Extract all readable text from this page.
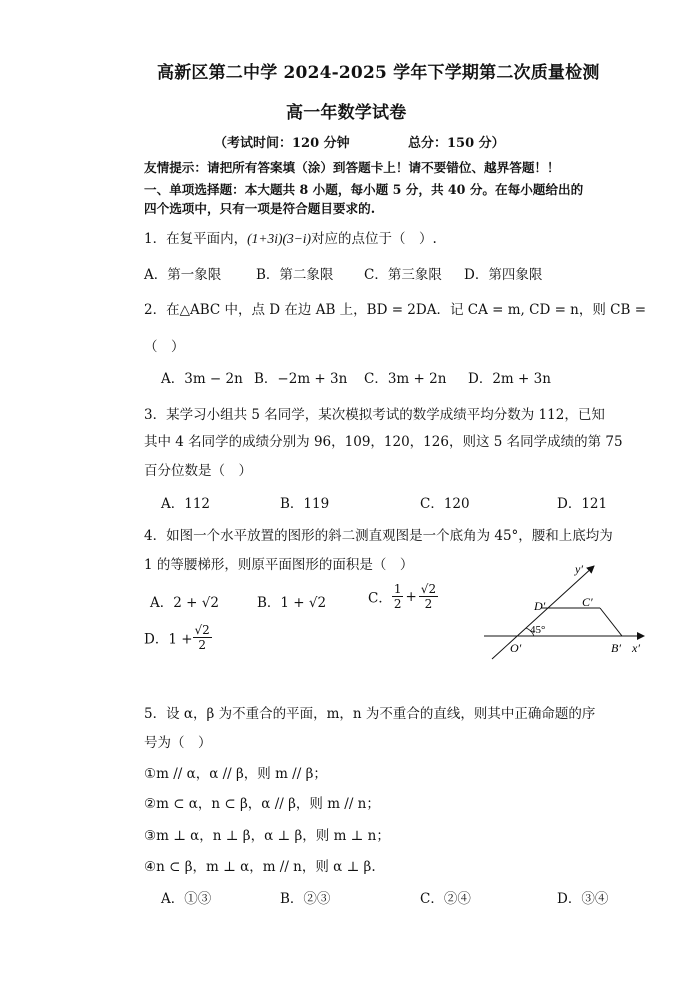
高新区第二中学 2024-2025 学年下学期第二次质量检测
高一年数学试卷
（考试时间：120 分钟	总分：150 分）
友情提示：请把所有答案填（涂）到答题卡上！请不要错位、越界答题！！
一、单项选择题：本大题共 8 小题，每小题 5 分，共 40 分。在每小题给出的
四个选项中，只有一项是符合题目要求的.
1．在复平面内，(1+3i)(3−i)对应的点位于（　）.
A．第一象限	B．第二象限 C．第三象限 D．第四象限
2．在△ABC 中，点 D 在边 AB 上，BD = 2DA．记 CA = m, CD = n，则 CB =
（　）
A．3m − 2n B．−2m + 3n C．3m + 2n D．2m + 3n
3．某学习小组共 5 名同学，某次模拟考试的数学成绩平均分数为 112，已知
其中 4 名同学的成绩分别为 96，109，120，126，则这 5 名同学成绩的第 75
百分位数是（　）
A．112	B．119	C．120	D．121
4．如图一个水平放置的图形的斜二测直观图是一个底角为 45°，腰和上底均为
1 的等腰梯形，则原平面图形的面积是（　）
A．2 + √2	B．1 + √2	C． $\frac{1}{2} + \frac{√2}{2}$
D．$1 + \frac{√2}{2}$
y′
x′
O′	B′
C′
D′
45°
5．设 α，β 为不重合的平面，m，n 为不重合的直线，则其中正确命题的序
号为（　）
①m // α，α // β，则 m // β；
②m ⊂ α，n ⊂ β，α // β，则 m // n；
③m ⊥ α，n ⊥ β，α ⊥ β，则 m ⊥ n；
④n ⊂ β，m ⊥ α，m // n，则 α ⊥ β.
A．①③	B．②③	C．②④	D．③④
